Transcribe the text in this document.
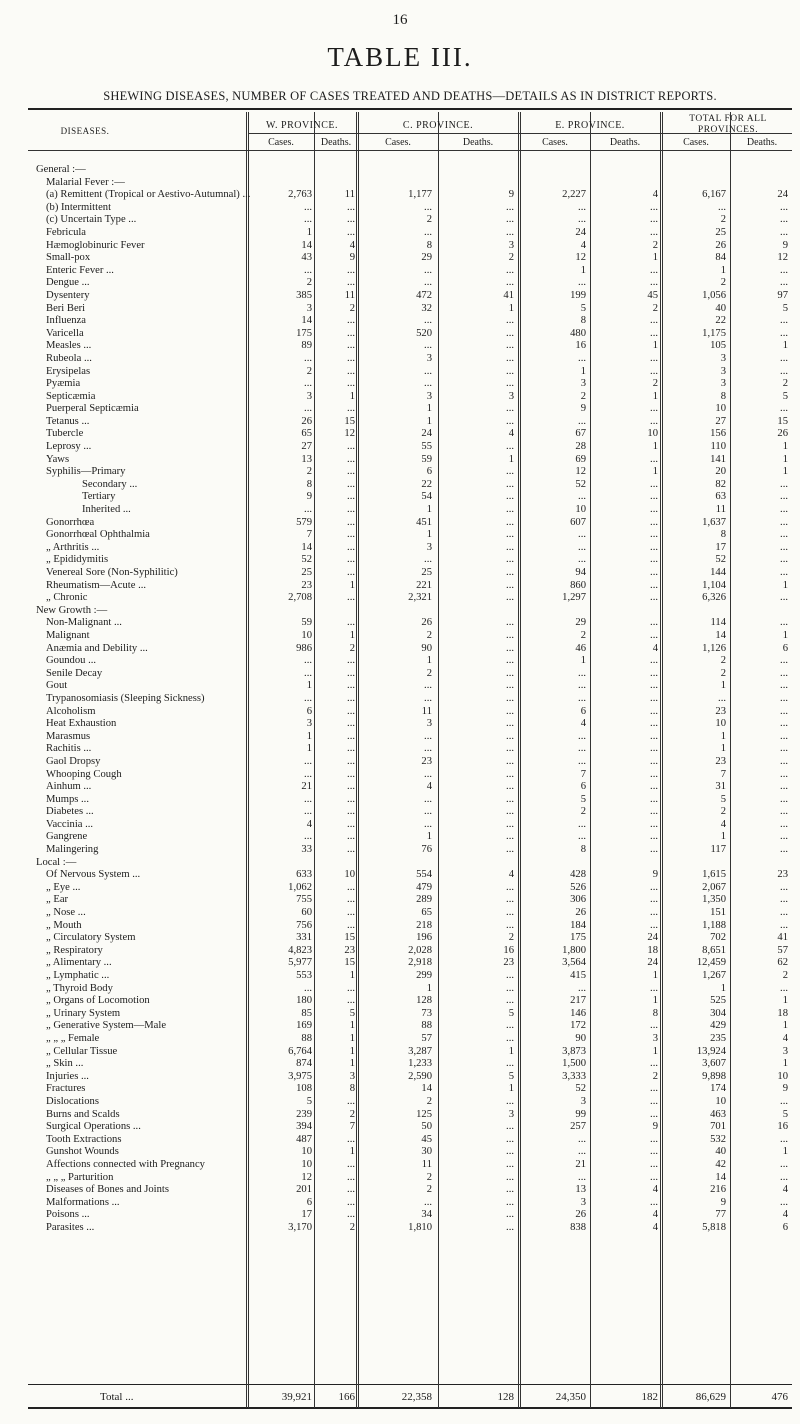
16
TABLE III.
SHEWING DISEASES, NUMBER OF CASES TREATED AND DEATHS—DETAILS AS IN DISTRICT REPORTS.
DISEASES.	W. PROVINCE.	C. PROVINCE.	E. PROVINCE.
TOTAL FOR ALL PROVINCES.
Cases.	Deaths.	Cases.	Deaths.	Cases.	Deaths.	Cases.	Deaths.
General :—
Malarial Fever :—
(a) Remittent (Tropical or Aestivo-Autumnal) ...	2,763	11	1,177	9	2,227	4	6,167	24
(b) Intermittent	...	...	...	...	...	...	...	...
(c) Uncertain Type ...	...	...	2	...	...	...	2	...
Febricula	1	...	...	...	24	...	25	...
Hæmoglobinuric Fever	14	4	8	3	4	2	26	9
Small-pox	43	9	29	2	12	1	84	12
Enteric Fever ...	...	...	...	...	1	...	1	...
Dengue ...	2	...	...	...	...	...	2	...
Dysentery	385	11	472	41	199	45	1,056	97
Beri Beri	3	2	32	1	5	2	40	5
Influenza	14	...	...	...	8	...	22	...
Varicella	175	...	520	...	480	...	1,175	...
Measles ...	89	...	...	...	16	1	105	1
Rubeola ...	...	...	3	...	...	...	3	...
Erysipelas	2	...	...	...	1	...	3	...
Pyæmia	...	...	...	...	3	2	3	2
Septicæmia	3	1	3	3	2	1	8	5
Puerperal Septicæmia	...	...	1	...	9	...	10	...
Tetanus ...	26	15	1	...	...	...	27	15
Tubercle	65	12	24	4	67	10	156	26
Leprosy ...	27	...	55	...	28	1	110	1
Yaws	13	...	59	1	69	...	141	1
Syphilis—Primary	2	...	6	...	12	1	20	1
Secondary ...	8	...	22	...	52	...	82	...
Tertiary	9	...	54	...	...	...	63	...
Inherited ...	...	...	1	...	10	...	11	...
Gonorrhœa	579	...	451	...	607	...	1,637	...
Gonorrhœal Ophthalmia	7	...	1	...	...	...	8	...
„ Arthritis ...	14	...	3	...	...	...	17	...
„ Epididymitis	52	...	...	...	...	...	52	...
Venereal Sore (Non-Syphilitic)	25	...	25	...	94	...	144	...
Rheumatism—Acute ...	23	1	221	...	860	...	1,104	1
„ Chronic	2,708	...	2,321	...	1,297	...	6,326	...
New Growth :—
Non-Malignant ...	59	...	26	...	29	...	114	...
Malignant	10	1	2	...	2	...	14	1
Anæmia and Debility ...	986	2	90	...	46	4	1,126	6
Goundou ...	...	...	1	...	1	...	2	...
Senile Decay	...	...	2	...	...	...	2	...
Gout	1	...	...	...	...	...	1	...
Trypanosomiasis (Sleeping Sickness)	...	...	...	...	...	...	...	...
Alcoholism	6	...	11	...	6	...	23	...
Heat Exhaustion	3	...	3	...	4	...	10	...
Marasmus	1	...	...	...	...	...	1	...
Rachitis ...	1	...	...	...	...	...	1	...
Gaol Dropsy	...	...	23	...	...	...	23	...
Whooping Cough	...	...	...	...	7	...	7	...
Ainhum ...	21	...	4	...	6	...	31	...
Mumps ...	...	...	...	...	5	...	5	...
Diabetes ...	...	...	...	...	2	...	2	...
Vaccinia ...	4	...	...	...	...	...	4	...
Gangrene	...	...	1	...	...	...	1	...
Malingering	33	...	76	...	8	...	117	...
Local :—
Of Nervous System ...	633	10	554	4	428	9	1,615	23
„ Eye ...	1,062	...	479	...	526	...	2,067	...
„ Ear	755	...	289	...	306	...	1,350	...
„ Nose ...	60	...	65	...	26	...	151	...
„ Mouth	756	...	218	...	184	...	1,188	...
„ Circulatory System	331	15	196	2	175	24	702	41
„ Respiratory	4,823	23	2,028	16	1,800	18	8,651	57
„ Alimentary ...	5,977	15	2,918	23	3,564	24	12,459	62
„ Lymphatic ...	553	1	299	...	415	1	1,267	2
„ Thyroid Body	...	...	1	...	...	...	1	...
„ Organs of Locomotion	180	...	128	...	217	1	525	1
„ Urinary System	85	5	73	5	146	8	304	18
„ Generative System—Male	169	1	88	...	172	...	429	1
„ „ „ Female	88	1	57	...	90	3	235	4
„ Cellular Tissue	6,764	1	3,287	1	3,873	1	13,924	3
„ Skin ...	874	1	1,233	...	1,500	...	3,607	1
Injuries ...	3,975	3	2,590	5	3,333	2	9,898	10
Fractures	108	8	14	1	52	...	174	9
Dislocations	5	...	2	...	3	...	10	...
Burns and Scalds	239	2	125	3	99	...	463	5
Surgical Operations ...	394	7	50	...	257	9	701	16
Tooth Extractions	487	...	45	...	...	...	532	...
Gunshot Wounds	10	1	30	...	...	...	40	1
Affections connected with Pregnancy	10	...	11	...	21	...	42	...
„ „ „ Parturition	12	...	2	...	...	...	14	...
Diseases of Bones and Joints	201	...	2	...	13	4	216	4
Malformations ...	6	...	...	...	3	...	9	...
Poisons ...	17	...	34	...	26	4	77	4
Parasites ...	3,170	2	1,810	...	838	4	5,818	6
Total ...	39,921 166	22,358	128	24,350	182	86,629	476
